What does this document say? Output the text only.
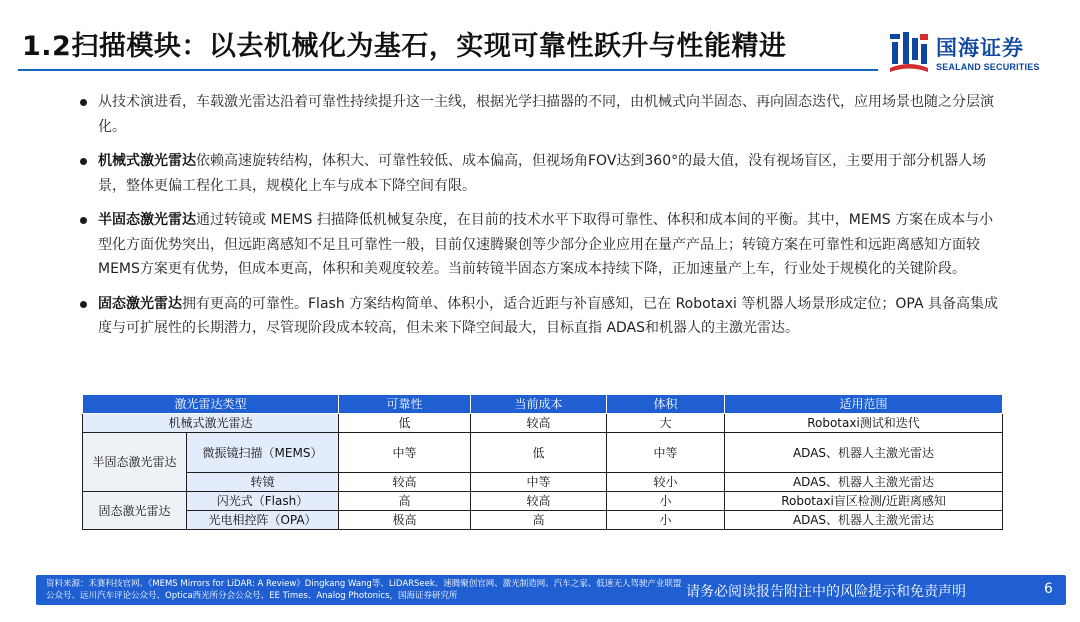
1.2扫描模块：以去机械化为基石，实现可靠性跃升与性能精进	国海证券
SEALAND SECURITIES
从技术演进看，车载激光雷达沿着可靠性持续提升这一主线，根据光学扫描器的不同，由机械式向半固态、再向固态迭代，应用场景也随之分层演化。
机械式激光雷达依赖高速旋转结构，体积大、可靠性较低、成本偏高，但视场角FOV达到360°的最大值，没有视场盲区，主要用于部分机器人场景，整体更偏工程化工具，规模化上车与成本下降空间有限。
半固态激光雷达通过转镜或 MEMS 扫描降低机械复杂度，在目前的技术水平下取得可靠性、体积和成本间的平衡。其中，MEMS 方案在成本与小型化方面优势突出，但远距离感知不足且可靠性一般，目前仅速腾聚创等少部分企业应用在量产产品上；转镜方案在可靠性和远距离感知方面较MEMS方案更有优势，但成本更高，体积和美观度较差。当前转镜半固态方案成本持续下降，正加速量产上车，行业处于规模化的关键阶段。
固态激光雷达拥有更高的可靠性。Flash 方案结构简单、体积小，适合近距与补盲感知，已在 Robotaxi 等机器人场景形成定位；OPA 具备高集成度与可扩展性的长期潜力，尽管现阶段成本较高，但未来下降空间最大，目标直指 ADAS和机器人的主激光雷达。
激光雷达类型		可靠性	当前成本	体积	适用范围
机械式激光雷达		低	较高	大	Robotaxi测试和迭代
半固态激光雷达	微振镜扫描（MEMS）	中等	低	中等	ADAS、机器人主激光雷达
	转镜	较高	中等	较小	ADAS、机器人主激光雷达
固态激光雷达	闪光式（Flash）	高	较高	小	Robotaxi盲区检测/近距离感知
	光电相控阵（OPA）	极高	高	小	ADAS、机器人主激光雷达
资料来源：禾赛科技官网、《MEMS Mirrors for LiDAR: A Review》Dingkang Wang等、LiDARSeek、速腾聚创官网、激光制造网、汽车之家、低速无人驾驶产业联盟公众号、远川汽车评论公众号、Optica西光所分会公众号、EE Times、Analog Photonics，国海证券研究所	请务必阅读报告附注中的风险提示和免责声明	6
